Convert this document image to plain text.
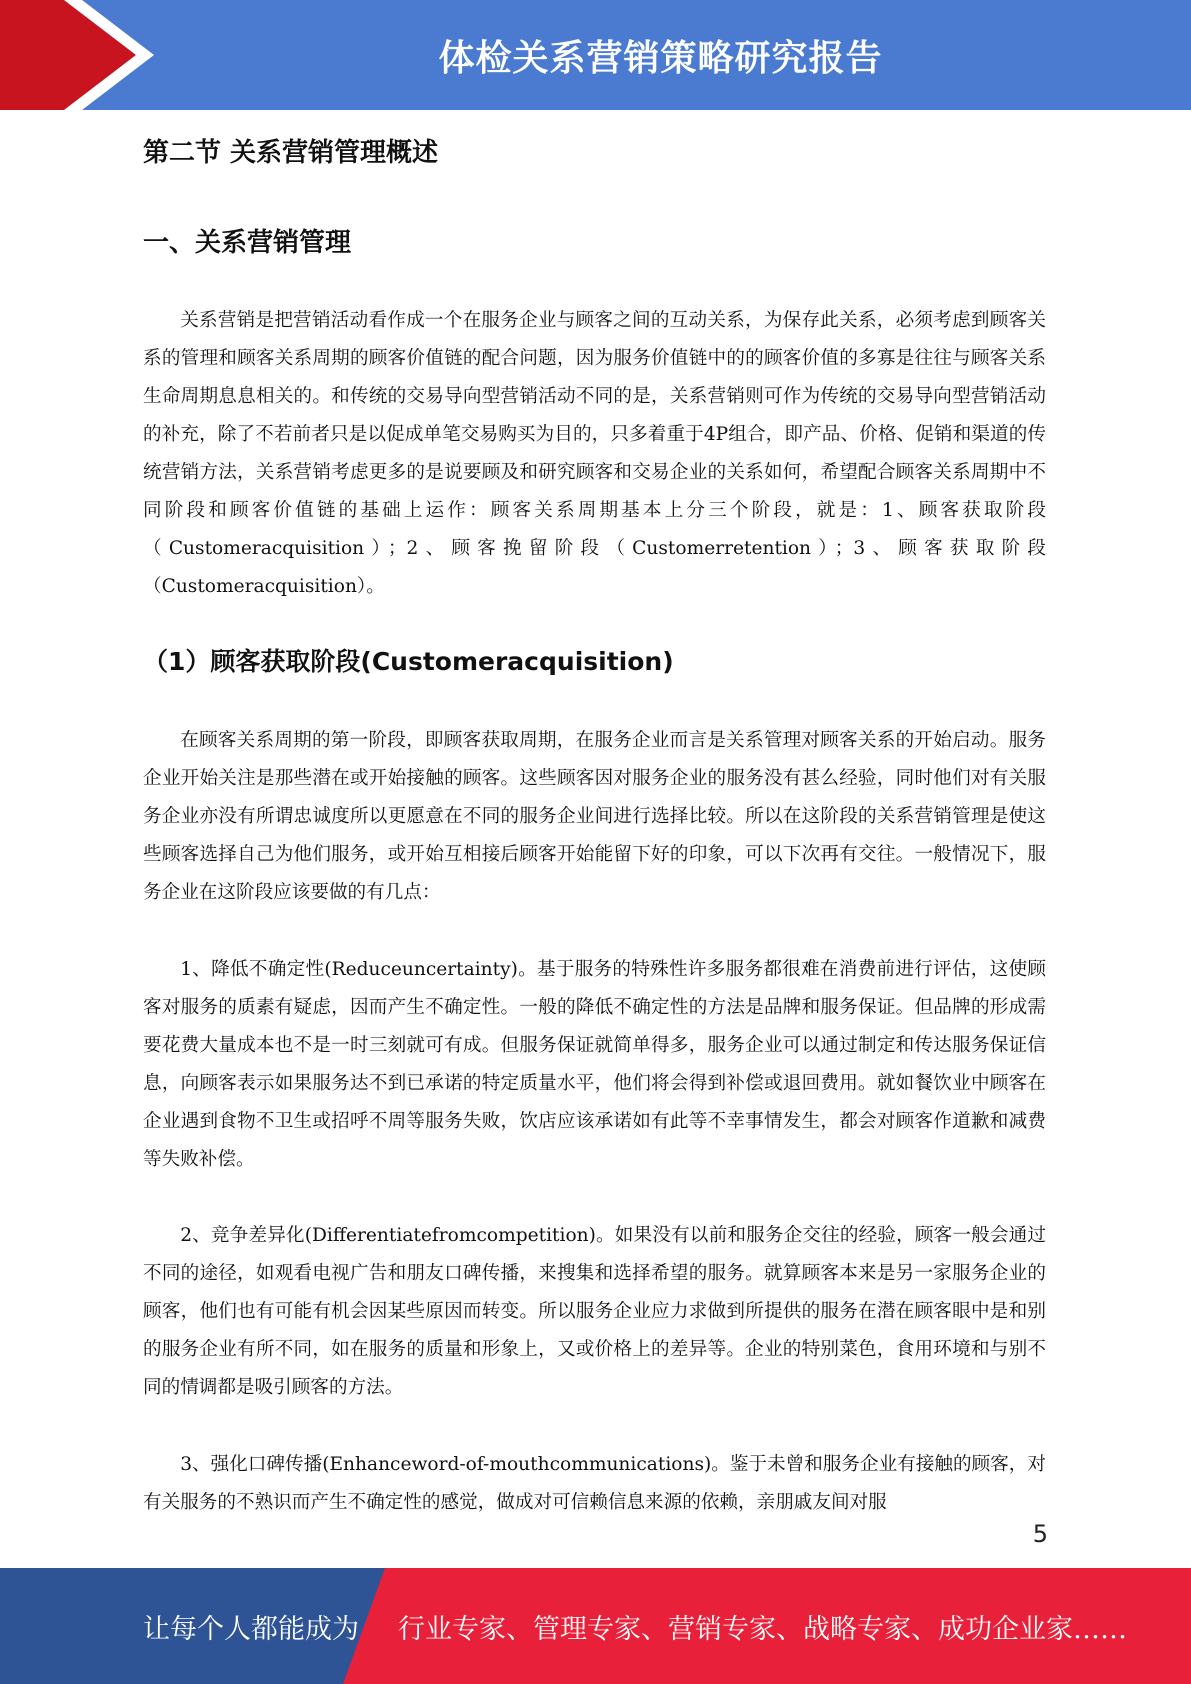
体检关系营销策略研究报告
第二节 关系营销管理概述
一、关系营销管理

关系营销是把营销活动看作成一个在服务企业与顾客之间的互动关系，为保存此关系，必须考虑到顾客关系的管理和顾客关系周期的顾客价值链的配合问题，因为服务价值链中的的顾客价值的多寡是往往与顾客关系生命周期息息相关的。和传统的交易导向型营销活动不同的是，关系营销则可作为传统的交易导向型营销活动的补充，除了不若前者只是以促成单笔交易购买为目的，只多着重于4P组合，即产品、价格、促销和渠道的传统营销方法，关系营销考虑更多的是说要顾及和研究顾客和交易企业的关系如何，希望配合顾客关系周期中不同阶段和顾客价值链的基础上运作：顾客关系周期基本上分三个阶段，就是：1、顾客获取阶段（Customeracquisition）；2、顾客挽留阶段（Customerretention）；3、顾客获取阶段（Customeracquisition）。

（1）顾客获取阶段(Customeracquisition)

在顾客关系周期的第一阶段，即顾客获取周期，在服务企业而言是关系管理对顾客关系的开始启动。服务企业开始关注是那些潜在或开始接触的顾客。这些顾客因对服务企业的服务没有甚么经验，同时他们对有关服务企业亦没有所谓忠诚度所以更愿意在不同的服务企业间进行选择比较。所以在这阶段的关系营销管理是使这些顾客选择自己为他们服务，或开始互相接后顾客开始能留下好的印象，可以下次再有交往。一般情况下，服务企业在这阶段应该要做的有几点：

1、降低不确定性(Reduceuncertainty)。基于服务的特殊性许多服务都很难在消费前进行评估，这使顾客对服务的质素有疑虑，因而产生不确定性。一般的降低不确定性的方法是品牌和服务保证。但品牌的形成需要花费大量成本也不是一时三刻就可有成。但服务保证就简单得多，服务企业可以通过制定和传达服务保证信息，向顾客表示如果服务达不到已承诺的特定质量水平，他们将会得到补偿或退回费用。就如餐饮业中顾客在企业遇到食物不卫生或招呼不周等服务失败，饮店应该承诺如有此等不幸事情发生，都会对顾客作道歉和减费等失败补偿。

2、竞争差异化(Differentiatefromcompetition)。如果没有以前和服务企交往的经验，顾客一般会通过不同的途径，如观看电视广告和朋友口碑传播，来搜集和选择希望的服务。就算顾客本来是另一家服务企业的顾客，他们也有可能有机会因某些原因而转变。所以服务企业应力求做到所提供的服务在潜在顾客眼中是和别的服务企业有所不同，如在服务的质量和形象上，又或价格上的差异等。企业的特别菜色，食用环境和与别不同的情调都是吸引顾客的方法。

3、强化口碑传播(Enhanceword-of-mouthcommunications)。鉴于未曾和服务企业有接触的顾客，对有关服务的不熟识而产生不确定性的感觉，做成对可信赖信息来源的依赖，亲朋戚友间对服

5
让每个人都能成为 行业专家、管理专家、营销专家、战略专家、成功企业家……
